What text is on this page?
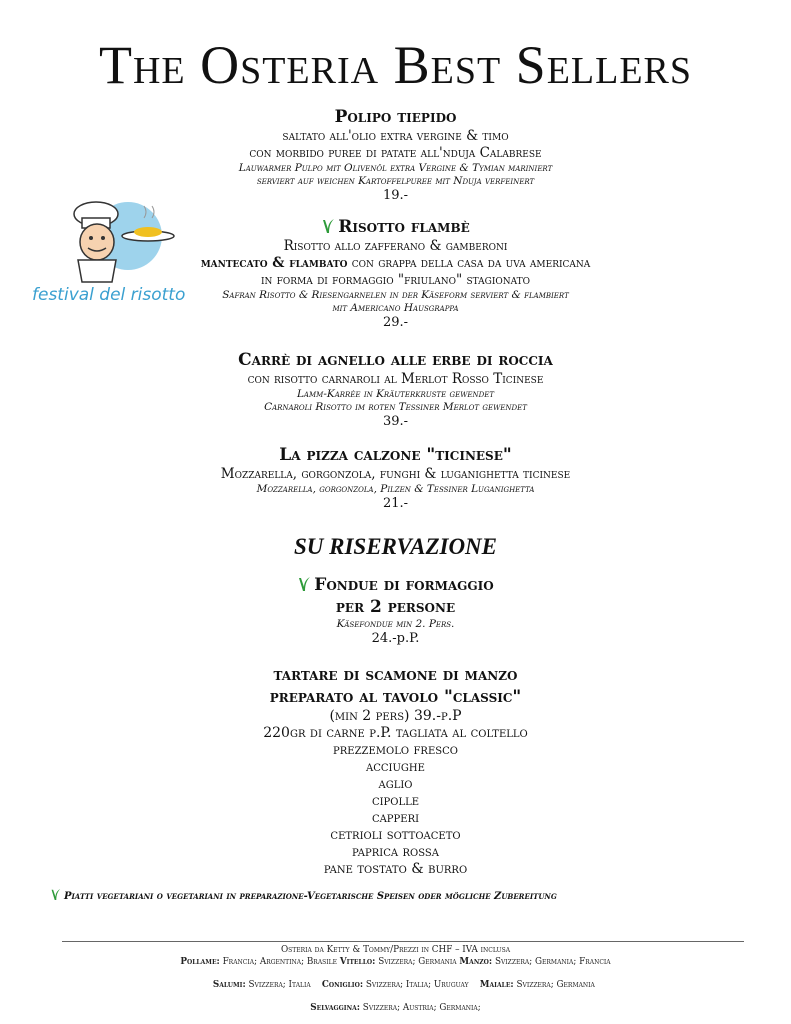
The Osteria Best Sellers
Polipo tiepido
saltato all'olio extra vergine & timo
con morbido puree di patate all'nduja Calabrese
Lauwarmer Pulpo mit Olivenöl extra Vergine & Tymian mariniert
serviert auf weichen Kartoffelpuree mit Nduja verfeinert
19.-
festival del risotto
Risotto flambè
Risotto allo zafferano & gamberoni
mantecato & flambato con grappa della casa da uva americana
in forma di formaggio "friulano" stagionato
Safran Risotto & Riesengarnelen in der Käseform serviert & flambiert
mit Americano Hausgrappa
29.-
Carrè di agnello alle erbe di roccia
con risotto carnaroli al Merlot Rosso Ticinese
Lamm-Karrèe in Kräuterkruste gewendet
Carnaroli Risotto im roten Tessiner Merlot gewendet
39.-
La pizza calzone "ticinese"
Mozzarella, gorgonzola, funghi & luganighetta ticinese
Mozzarella, gorgonzola, Pilzen & Tessiner Luganighetta
21.-
SU RISERVAZIONE
Fondue di formaggio
per 2 persone
Käsefondue min 2. Pers.
24.-p.P.
tartare di scamone di manzo
preparato al tavolo "classic"
(min 2 pers) 39.-p.P
220gr di carne p.P. tagliata al coltello
prezzemolo fresco
acciughe
aglio
cipolle
capperi
cetrioli sottoaceto
paprica rossa
pane tostato & burro
Piatti vegetariani o vegetariani in preparazione-Vegetarische Speisen oder mögliche Zubereitung
Osteria da Ketty & Tommy/Prezzi in CHF – IVA inclusa
Pollame: Francia; Argentina; Brasile Vitello: Svizzera; Germania Manzo: Svizzera; Germania; Francia

Salumi: Svizzera; Italia    Coniglio: Svizzera; Italia; Uruguay    Maiale: Svizzera; Germania

Selvaggina: Svizzera; Austria; Germania;
